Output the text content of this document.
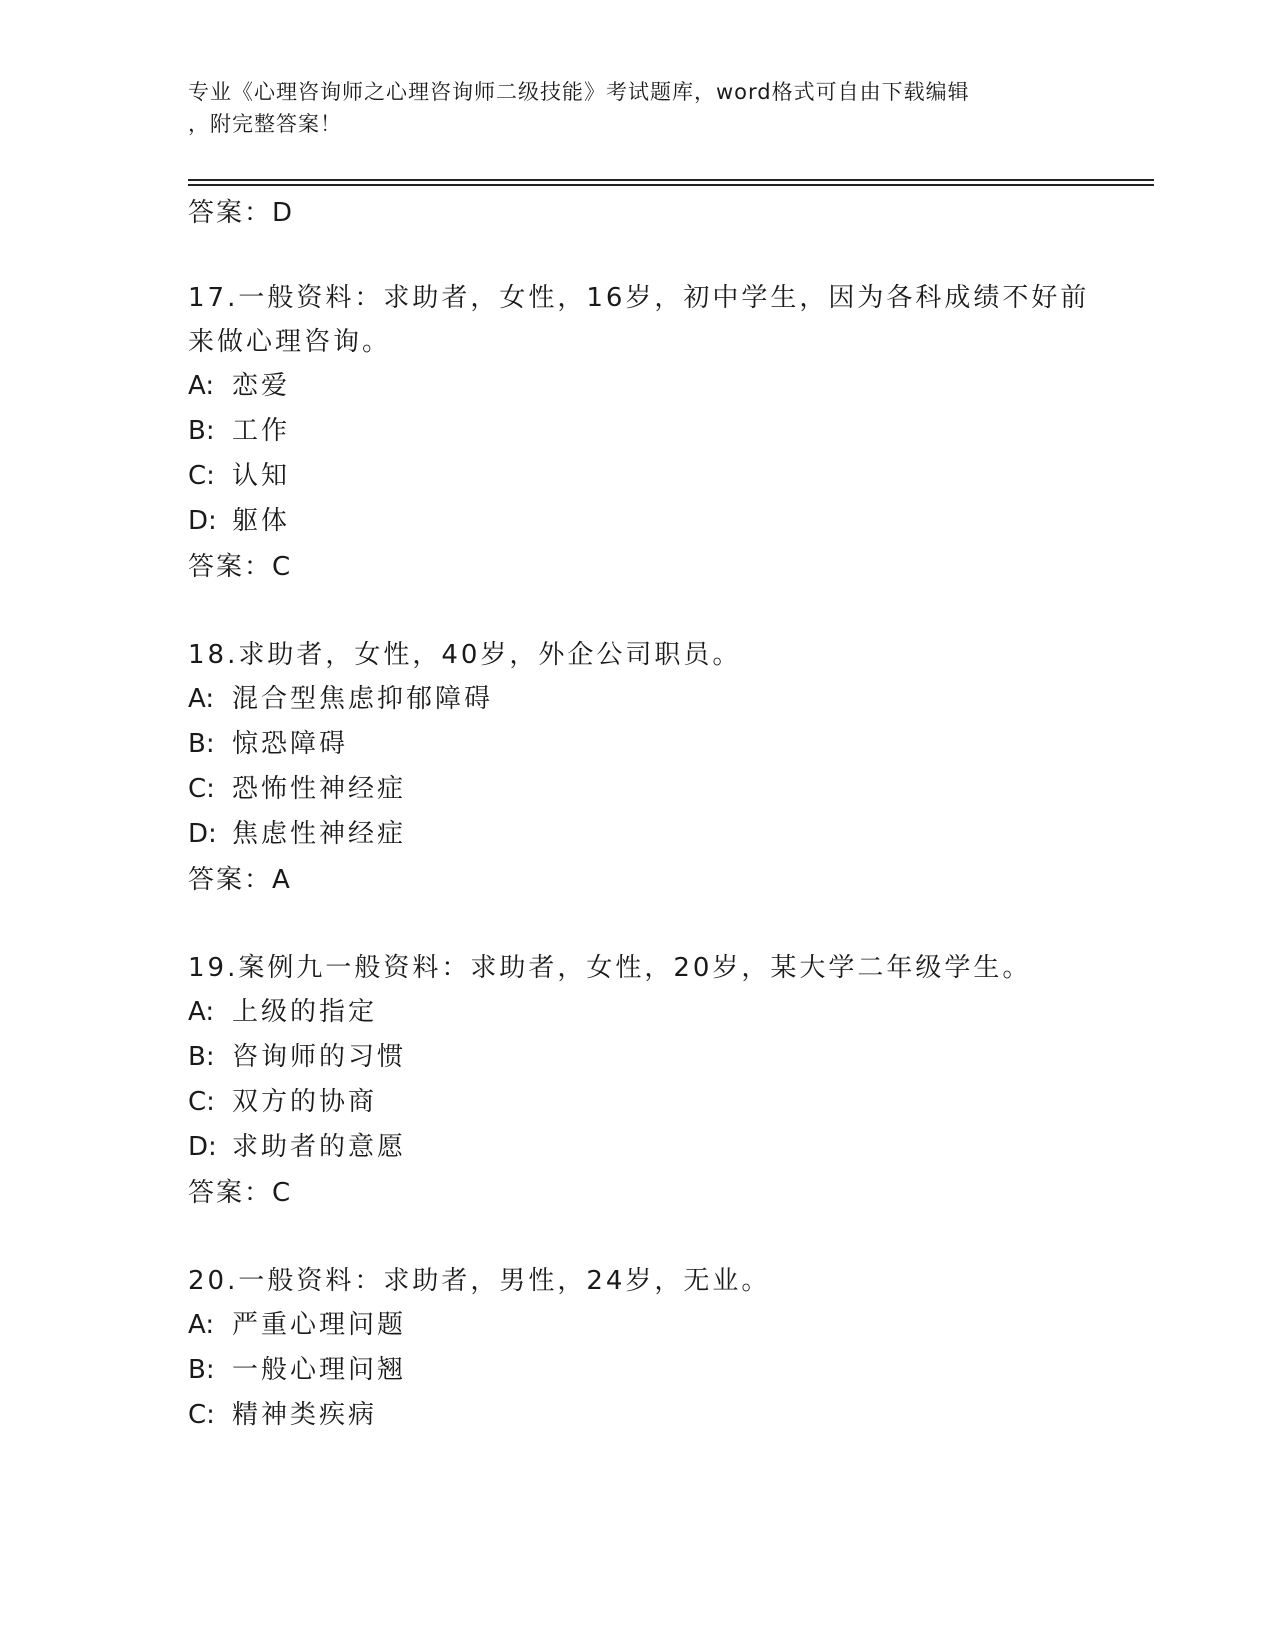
专业《心理咨询师之心理咨询师二级技能》考试题库，word格式可自由下载编辑
，附完整答案！
答案：D
17.一般资料：求助者，女性，16岁，初中学生，因为各科成绩不好前
来做心理咨询。
A: 恋爱
B: 工作
C: 认知
D: 躯体
答案：C
18.求助者，女性，40岁，外企公司职员。
A: 混合型焦虑抑郁障碍
B: 惊恐障碍
C: 恐怖性神经症
D: 焦虑性神经症
答案：A
19.案例九一般资料：求助者，女性，20岁，某大学二年级学生。
A: 上级的指定
B: 咨询师的习惯
C: 双方的协商
D: 求助者的意愿
答案：C
20.一般资料：求助者，男性，24岁，无业。
A: 严重心理问题
B: 一般心理问翘
C: 精神类疾病
